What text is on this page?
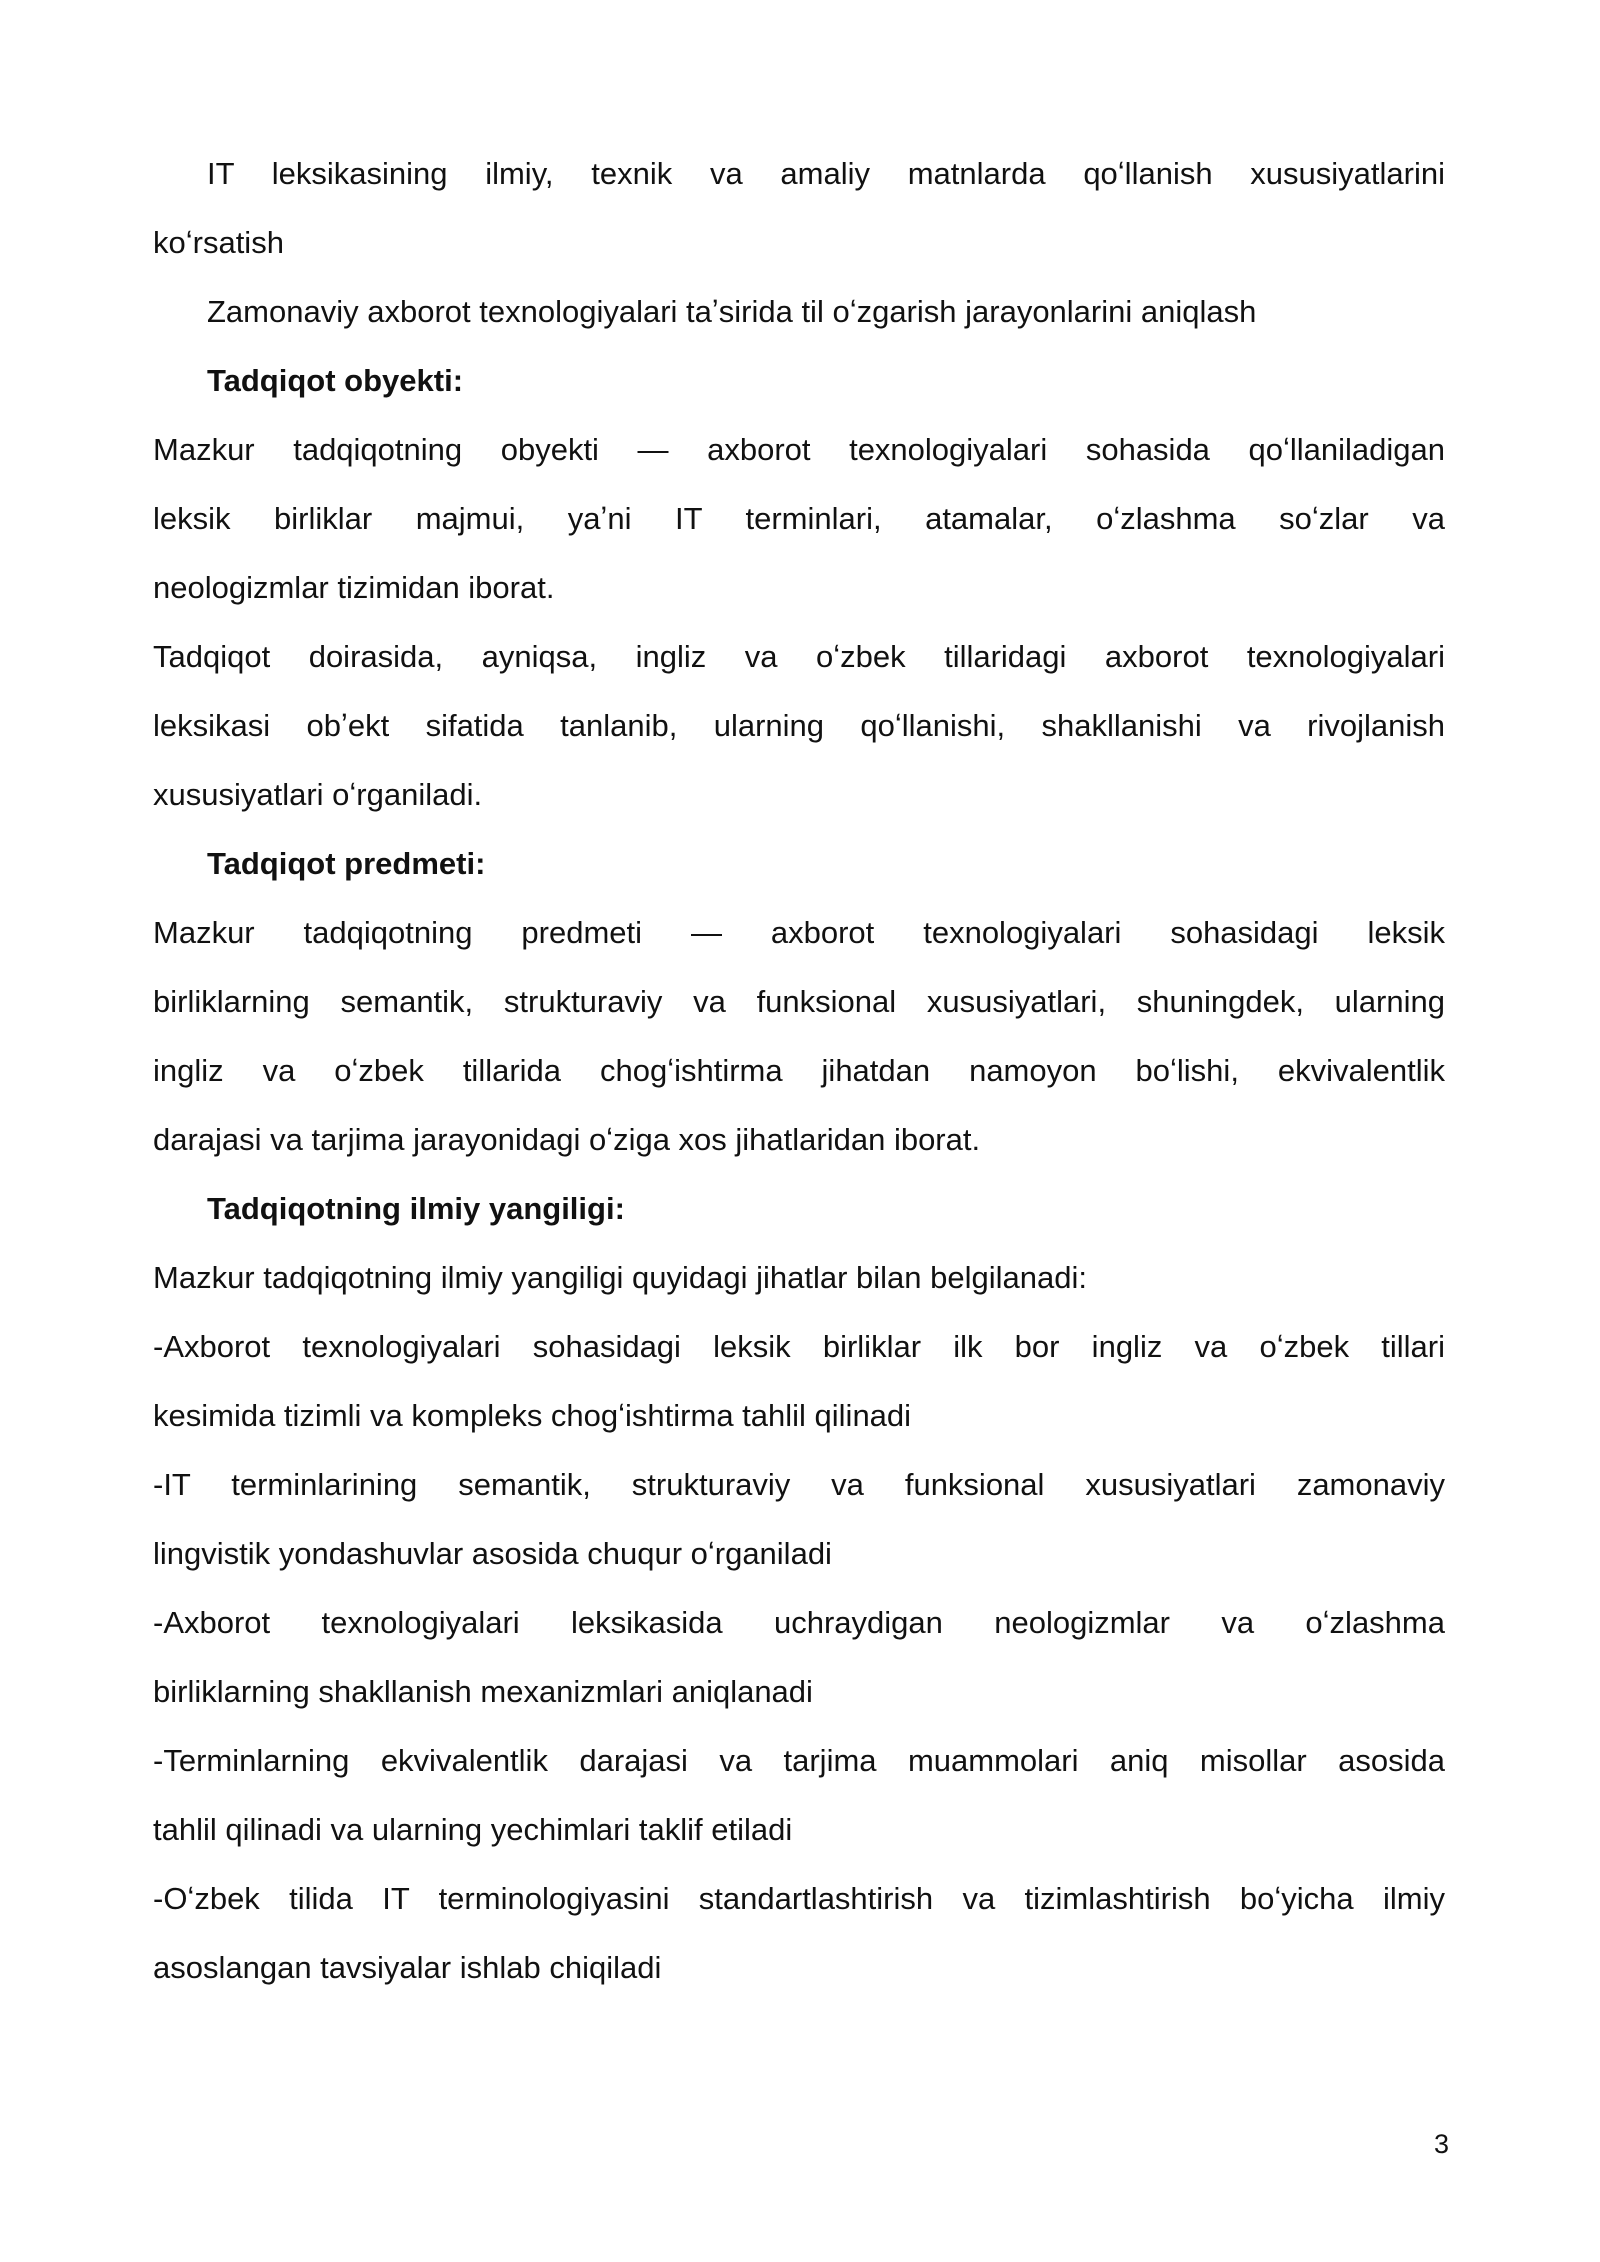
IT leksikasining ilmiy, texnik va amaliy matnlarda qoʻllanish xususiyatlarini
koʻrsatish
Zamonaviy axborot texnologiyalari taʼsirida til oʻzgarish jarayonlarini aniqlash
Tadqiqot obyekti:
Mazkur tadqiqotning obyekti — axborot texnologiyalari sohasida qoʻllaniladigan
leksik birliklar majmui, yaʼni IT terminlari, atamalar, oʻzlashma soʻzlar va
neologizmlar tizimidan iborat.
Tadqiqot doirasida, ayniqsa, ingliz va oʻzbek tillaridagi axborot texnologiyalari
leksikasi obʼekt sifatida tanlanib, ularning qoʻllanishi, shakllanishi va rivojlanish
xususiyatlari oʻrganiladi.
Tadqiqot predmeti:
Mazkur tadqiqotning predmeti — axborot texnologiyalari sohasidagi leksik
birliklarning semantik, strukturaviy va funksional xususiyatlari, shuningdek, ularning
ingliz va oʻzbek tillarida chogʻishtirma jihatdan namoyon boʻlishi, ekvivalentlik
darajasi va tarjima jarayonidagi oʻziga xos jihatlaridan iborat.
Tadqiqotning ilmiy yangiligi:
Mazkur tadqiqotning ilmiy yangiligi quyidagi jihatlar bilan belgilanadi:
-Axborot texnologiyalari sohasidagi leksik birliklar ilk bor ingliz va oʻzbek tillari
kesimida tizimli va kompleks chogʻishtirma tahlil qilinadi
-IT terminlarining semantik, strukturaviy va funksional xususiyatlari zamonaviy
lingvistik yondashuvlar asosida chuqur oʻrganiladi
-Axborot texnologiyalari leksikasida uchraydigan neologizmlar va oʻzlashma
birliklarning shakllanish mexanizmlari aniqlanadi
-Terminlarning ekvivalentlik darajasi va tarjima muammolari aniq misollar asosida
tahlil qilinadi va ularning yechimlari taklif etiladi
-Oʻzbek tilida IT terminologiyasini standartlashtirish va tizimlashtirish boʻyicha ilmiy
asoslangan tavsiyalar ishlab chiqiladi
3
